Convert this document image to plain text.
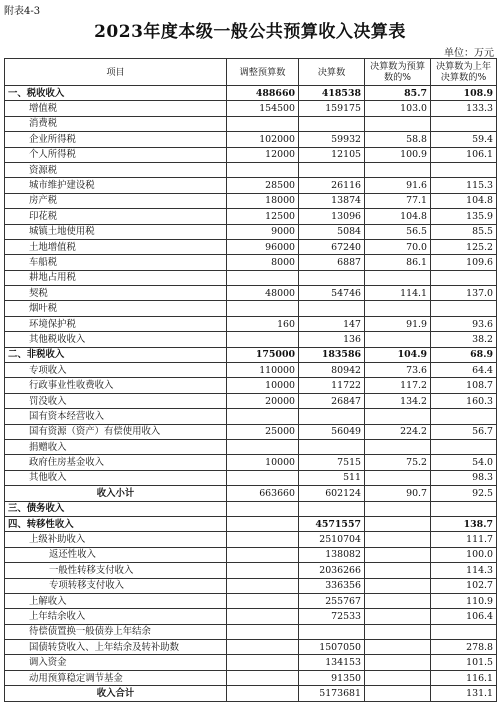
附表4-3
2023年度本级一般公共预算收入决算表
单位：万元
项目	调整预算数	决算数	决算数为预算数的%	决算数为上年决算数的%
一、税收收入	488660	418538	85.7	108.9
增值税	154500	159175	103.0	133.3
消费税				
企业所得税	102000	59932	58.8	59.4
个人所得税	12000	12105	100.9	106.1
资源税				
城市维护建设税	28500	26116	91.6	115.3
房产税	18000	13874	77.1	104.8
印花税	12500	13096	104.8	135.9
城镇土地使用税	9000	5084	56.5	85.5
土地增值税	96000	67240	70.0	125.2
车船税	8000	6887	86.1	109.6
耕地占用税				
契税	48000	54746	114.1	137.0
烟叶税				
环境保护税	160	147	91.9	93.6
其他税收收入		136		38.2
二、非税收入	175000	183586	104.9	68.9
专项收入	110000	80942	73.6	64.4
行政事业性收费收入	10000	11722	117.2	108.7
罚没收入	20000	26847	134.2	160.3
国有资本经营收入				
国有资源（资产）有偿使用收入	25000	56049	224.2	56.7
捐赠收入				
政府住房基金收入	10000	7515	75.2	54.0
其他收入		511		98.3
收入小计	663660	602124	90.7	92.5
三、债务收入				
四、转移性收入		4571557		138.7
上级补助收入		2510704		111.7
返还性收入		138082		100.0
一般性转移支付收入		2036266		114.3
专项转移支付收入		336356		102.7
上解收入		255767		110.9
上年结余收入		72533		106.4
待偿债置换一般债券上年结余				
国债转贷收入、上年结余及转补助数		1507050		278.8
调入资金		134153		101.5
动用预算稳定调节基金		91350		116.1
收入合计		5173681		131.1
